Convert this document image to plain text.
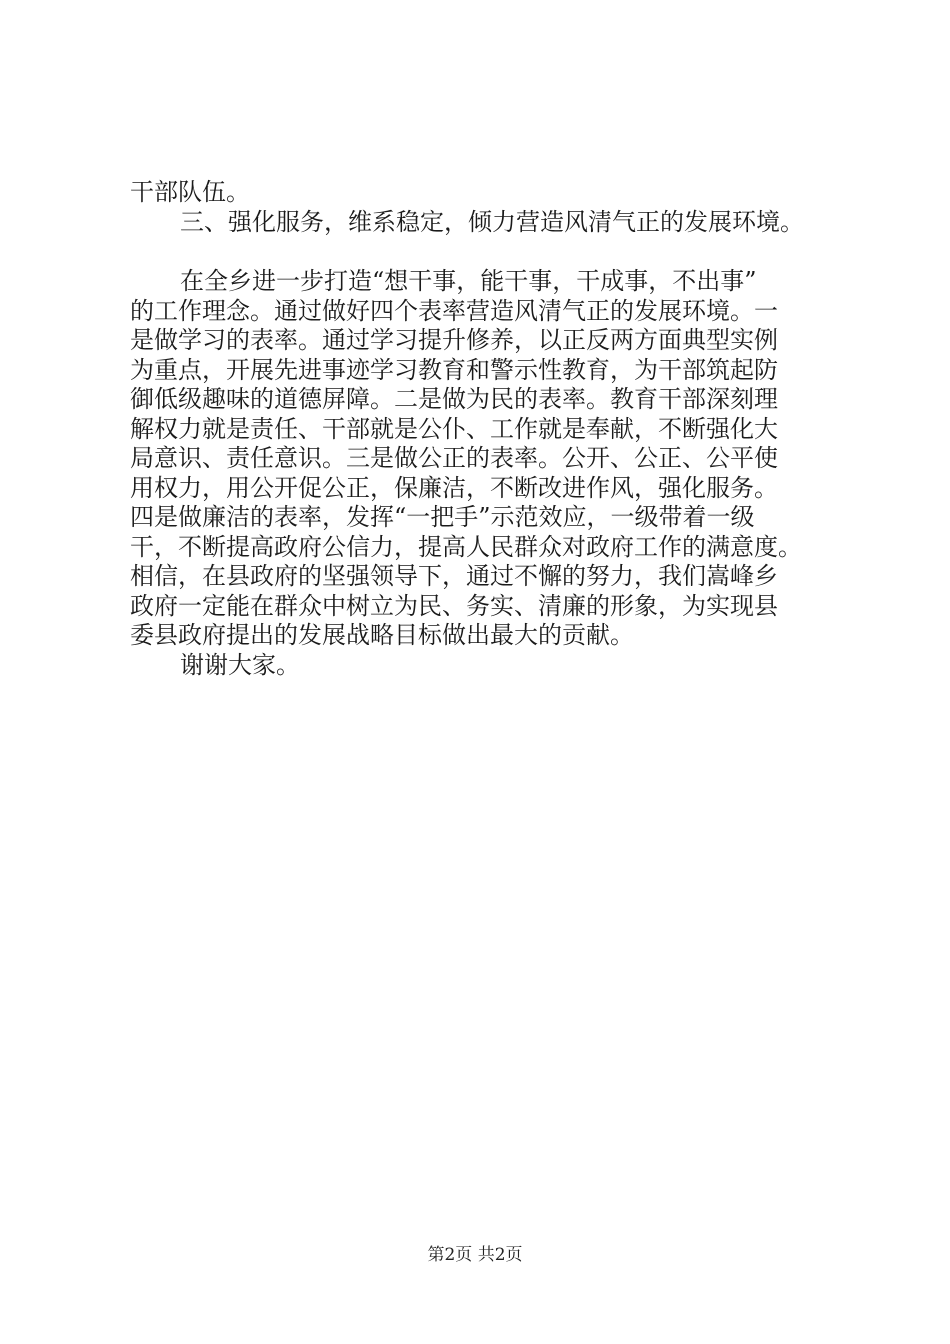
干部队伍。
三、强化服务，维系稳定，倾力营造风清气正的发展环境。
在全乡进一步打造“想干事，能干事，干成事，不出事”
的工作理念。通过做好四个表率营造风清气正的发展环境。一
是做学习的表率。通过学习提升修养，以正反两方面典型实例
为重点，开展先进事迹学习教育和警示性教育，为干部筑起防
御低级趣味的道德屏障。二是做为民的表率。教育干部深刻理
解权力就是责任、干部就是公仆、工作就是奉献，不断强化大
局意识、责任意识。三是做公正的表率。公开、公正、公平使
用权力，用公开促公正，保廉洁，不断改进作风，强化服务。
四是做廉洁的表率，发挥“一把手”示范效应，一级带着一级
干，不断提高政府公信力，提高人民群众对政府工作的满意度。
相信，在县政府的坚强领导下，通过不懈的努力，我们嵩峰乡
政府一定能在群众中树立为民、务实、清廉的形象，为实现县
委县政府提出的发展战略目标做出最大的贡献。
谢谢大家。
第2页 共2页
